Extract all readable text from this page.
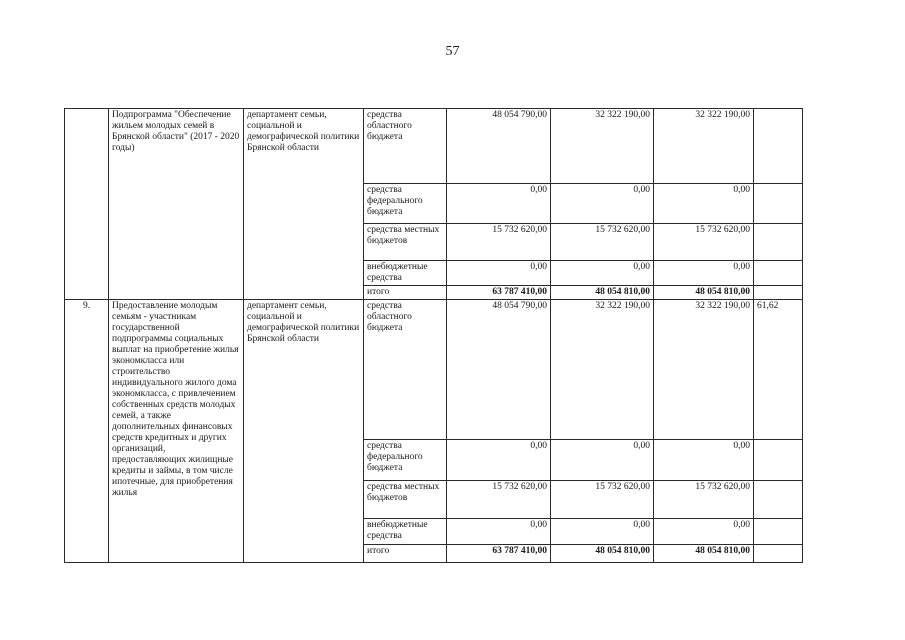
57
	Подпрограмма "Обеспечение жильем молодых семей в Брянской области" (2017 - 2020 годы)	департамент семьи, социальной и демографической политики Брянской области	средства областного бюджета	48 054 790,00	32 322 190,00	32 322 190,00	
			средства федерального бюджета	0,00	0,00	0,00	
			средства местных бюджетов	15 732 620,00	15 732 620,00	15 732 620,00	
			внебюджетные средства	0,00	0,00	0,00	
			итого	63 787 410,00	48 054 810,00	48 054 810,00	
9.	Предоставление молодым семьям - участникам государственной подпрограммы социальных выплат на приобретение жилья экономкласса или строительство индивидуального жилого дома экономкласса, с привлечением собственных средств молодых семей, а также дополнительных финансовых средств кредитных и других организаций, предоставляющих жилищные кредиты и займы, в том числе ипотечные, для приобретения жилья	департамент семьи, социальной и демографической политики Брянской области	средства областного бюджета	48 054 790,00	32 322 190,00	32 322 190,00	61,62
			средства федерального бюджета	0,00	0,00	0,00	
			средства местных бюджетов	15 732 620,00	15 732 620,00	15 732 620,00	
			внебюджетные средства	0,00	0,00	0,00	
			итого	63 787 410,00	48 054 810,00	48 054 810,00	
